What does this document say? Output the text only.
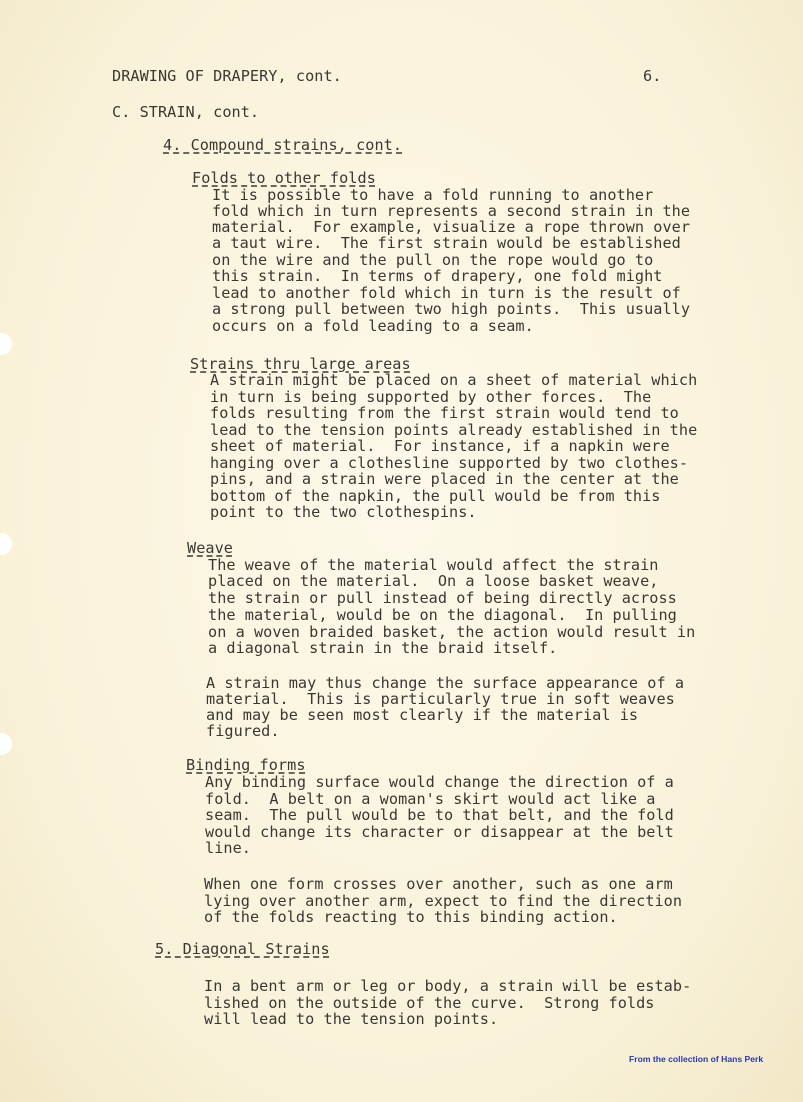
DRAWING OF DRAPERY, cont.	6.
C. STRAIN, cont.
4. Compound strains, cont.
Folds to other folds
It is possible to have a fold running to another
fold which in turn represents a second strain in the
material.  For example, visualize a rope thrown over
a taut wire.  The first strain would be established
on the wire and the pull on the rope would go to
this strain.  In terms of drapery, one fold might
lead to another fold which in turn is the result of
a strong pull between two high points.  This usually
occurs on a fold leading to a seam.
Strains thru large areas
A strain might be placed on a sheet of material which
in turn is being supported by other forces.  The
folds resulting from the first strain would tend to
lead to the tension points already established in the
sheet of material.  For instance, if a napkin were
hanging over a clothesline supported by two clothes-
pins, and a strain were placed in the center at the
bottom of the napkin, the pull would be from this
point to the two clothespins.
Weave
The weave of the material would affect the strain
placed on the material.  On a loose basket weave,
the strain or pull instead of being directly across
the material, would be on the diagonal.  In pulling
on a woven braided basket, the action would result in
a diagonal strain in the braid itself.
A strain may thus change the surface appearance of a
material.  This is particularly true in soft weaves
and may be seen most clearly if the material is
figured.
Binding forms
Any binding surface would change the direction of a
fold.  A belt on a woman's skirt would act like a
seam.  The pull would be to that belt, and the fold
would change its character or disappear at the belt
line.
When one form crosses over another, such as one arm
lying over another arm, expect to find the direction
of the folds reacting to this binding action.
5. Diagonal Strains
In a bent arm or leg or body, a strain will be estab-
lished on the outside of the curve.  Strong folds
will lead to the tension points.
From the collection of Hans Perk
